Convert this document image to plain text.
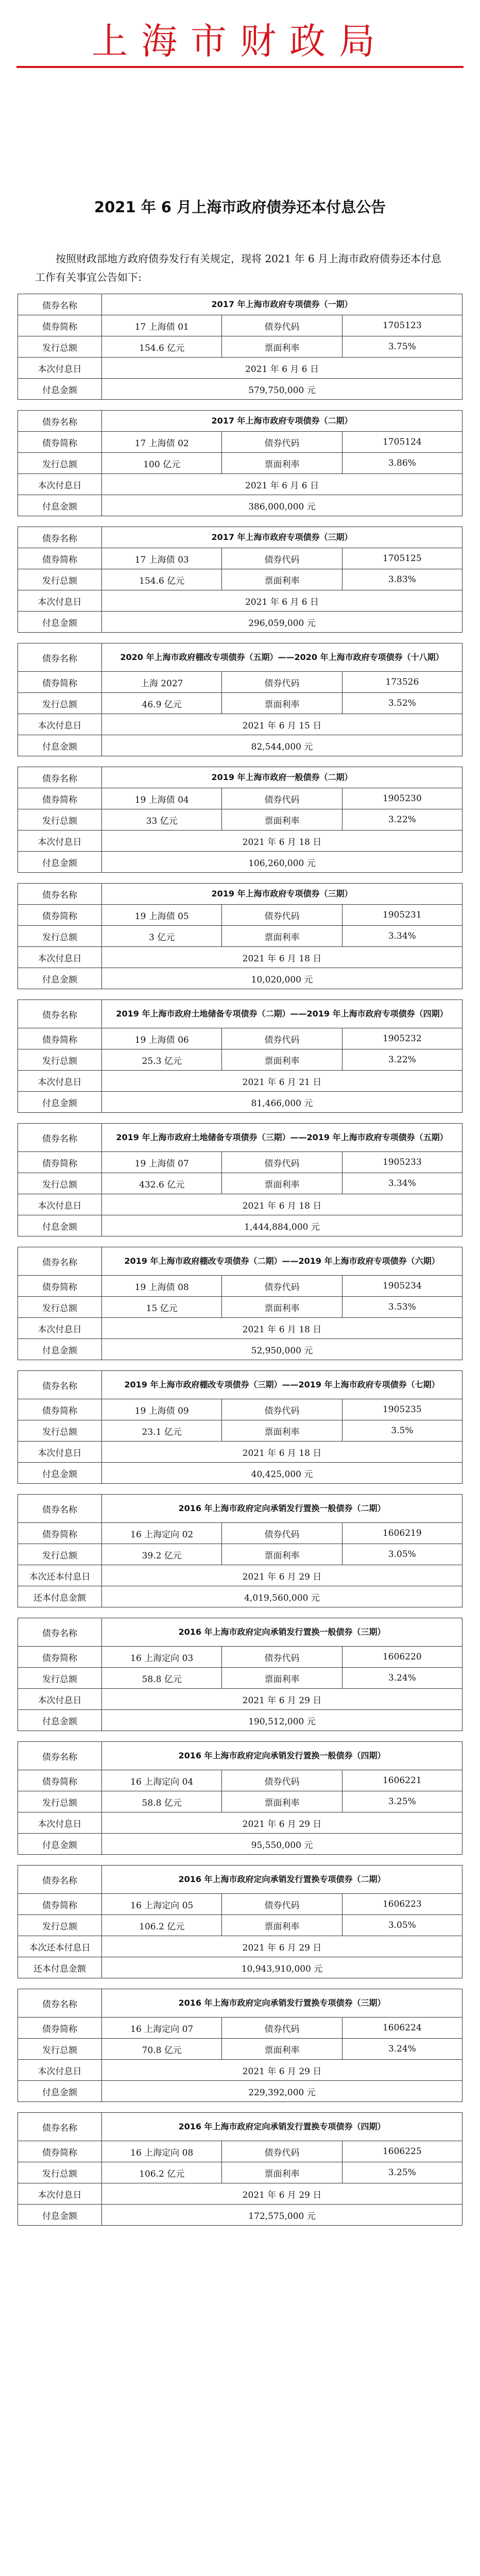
上海市财政局
2021 年 6 月上海市政府债券还本付息公告
按照财政部地方政府债券发行有关规定，现将 2021 年 6 月上海市政府债券还本付息工作有关事宜公告如下:
债券名称	2017 年上海市政府专项债券（一期）		
债券简称	17 上海债 01	债券代码	1705123
发行总额	154.6 亿元	票面利率	3.75%
本次付息日	2021 年 6 月 6 日		
付息金额	579,750,000 元		
债券名称	2017 年上海市政府专项债券（二期）		
债券简称	17 上海债 02	债券代码	1705124
发行总额	100 亿元	票面利率	3.86%
本次付息日	2021 年 6 月 6 日		
付息金额	386,000,000 元		
债券名称	2017 年上海市政府专项债券（三期）		
债券简称	17 上海债 03	债券代码	1705125
发行总额	154.6 亿元	票面利率	3.83%
本次付息日	2021 年 6 月 6 日		
付息金额	296,059,000 元		
债券名称	2020 年上海市政府棚改专项债券（五期）——2020 年上海市政府专项债券（十八期）		
债券简称	上海 2027	债券代码	173526
发行总额	46.9 亿元	票面利率	3.52%
本次付息日	2021 年 6 月 15 日		
付息金额	82,544,000 元		
债券名称	2019 年上海市政府一般债券（二期）		
债券简称	19 上海债 04	债券代码	1905230
发行总额	33 亿元	票面利率	3.22%
本次付息日	2021 年 6 月 18 日		
付息金额	106,260,000 元		
债券名称	2019 年上海市政府专项债券（三期）		
债券简称	19 上海债 05	债券代码	1905231
发行总额	3 亿元	票面利率	3.34%
本次付息日	2021 年 6 月 18 日		
付息金额	10,020,000 元		
债券名称	2019 年上海市政府土地储备专项债券（二期）——2019 年上海市政府专项债券（四期）		
债券简称	19 上海债 06	债券代码	1905232
发行总额	25.3 亿元	票面利率	3.22%
本次付息日	2021 年 6 月 21 日		
付息金额	81,466,000 元		
债券名称	2019 年上海市政府土地储备专项债券（三期）——2019 年上海市政府专项债券（五期）		
债券简称	19 上海债 07	债券代码	1905233
发行总额	432.6 亿元	票面利率	3.34%
本次付息日	2021 年 6 月 18 日		
付息金额	1,444,884,000 元		
债券名称	2019 年上海市政府棚改专项债券（二期）——2019 年上海市政府专项债券（六期）		
债券简称	19 上海债 08	债券代码	1905234
发行总额	15 亿元	票面利率	3.53%
本次付息日	2021 年 6 月 18 日		
付息金额	52,950,000 元		
债券名称	2019 年上海市政府棚改专项债券（三期）——2019 年上海市政府专项债券（七期）		
债券简称	19 上海债 09	债券代码	1905235
发行总额	23.1 亿元	票面利率	3.5%
本次付息日	2021 年 6 月 18 日		
付息金额	40,425,000 元		
债券名称	2016 年上海市政府定向承销发行置换一般债券（二期）		
债券简称	16 上海定向 02	债券代码	1606219
发行总额	39.2 亿元	票面利率	3.05%
本次还本付息日	2021 年 6 月 29 日		
还本付息金额	4,019,560,000 元		
债券名称	2016 年上海市政府定向承销发行置换一般债券（三期）		
债券简称	16 上海定向 03	债券代码	1606220
发行总额	58.8 亿元	票面利率	3.24%
本次付息日	2021 年 6 月 29 日		
付息金额	190,512,000 元		
债券名称	2016 年上海市政府定向承销发行置换一般债券（四期）		
债券简称	16 上海定向 04	债券代码	1606221
发行总额	58.8 亿元	票面利率	3.25%
本次付息日	2021 年 6 月 29 日		
付息金额	95,550,000 元		
债券名称	2016 年上海市政府定向承销发行置换专项债券（二期）		
债券简称	16 上海定向 05	债券代码	1606223
发行总额	106.2 亿元	票面利率	3.05%
本次还本付息日	2021 年 6 月 29 日		
还本付息金额	10,943,910,000 元		
债券名称	2016 年上海市政府定向承销发行置换专项债券（三期）		
债券简称	16 上海定向 07	债券代码	1606224
发行总额	70.8 亿元	票面利率	3.24%
本次付息日	2021 年 6 月 29 日		
付息金额	229,392,000 元		
债券名称	2016 年上海市政府定向承销发行置换专项债券（四期）		
债券简称	16 上海定向 08	债券代码	1606225
发行总额	106.2 亿元	票面利率	3.25%
本次付息日	2021 年 6 月 29 日		
付息金额	172,575,000 元		
